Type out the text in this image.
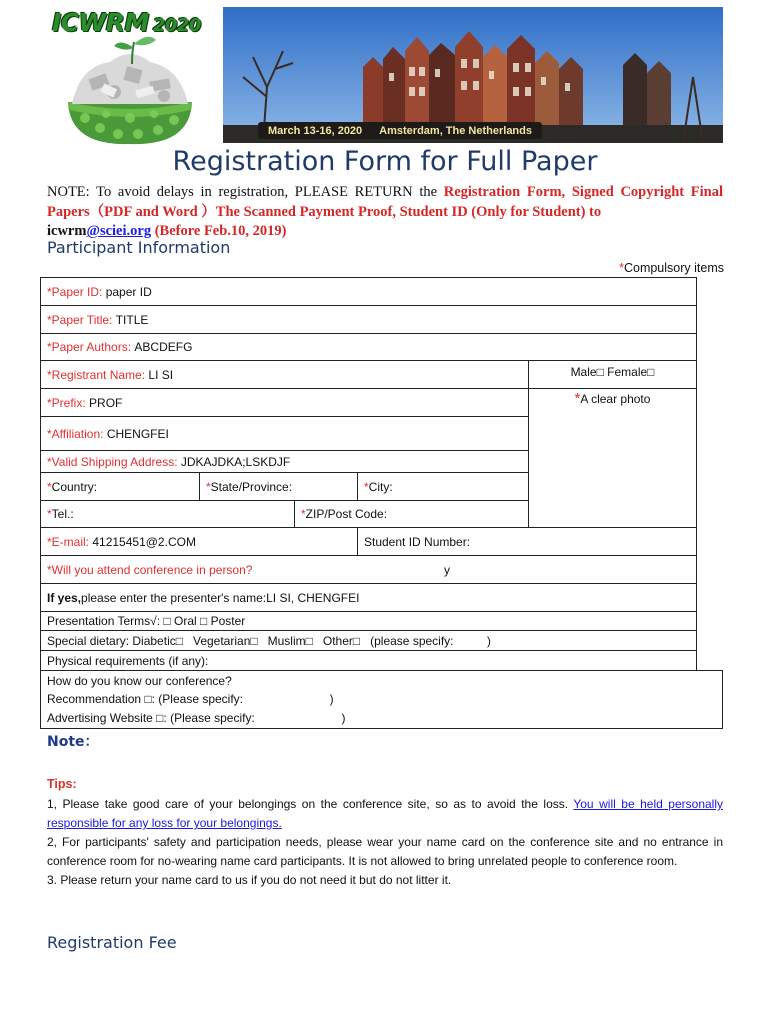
ICWRM 2020
March 13-16, 2020 Amsterdam, The Netherlands
Registration Form for Full Paper
NOTE: To avoid delays in registration, PLEASE RETURN the Registration Form, Signed Copyright Final Papers（PDF and Word ）The Scanned Payment Proof, Student ID (Only for Student) to
icwrm@sciei.org (Before Feb.10, 2019)
Participant Information
*Compulsory items
*Paper ID:
paper ID
*Paper Title:
TITLE
*Paper Authors:
ABCDEFG
*Registrant Name:
LI SI	Male□ Female□
*Prefix:
PROF	* A clear photo
*Affiliation:
CHENGFEI
*Valid Shipping Address:
JDKAJDKA;LSKDJF
* Country:	* State/Province:	* City:
* Tel.:	* ZIP/Post Code:
*E-mail:
41215451@2.COM	Student ID Number:
* Will you attend conference in person?	y
If yes, please enter the presenter's name: LI SI, CHENGFEI
Presentation Terms√: □ Oral □ Poster
Special dietary: Diabetic□   Vegetarian□   Muslim□   Other□   (please specify:          )
Physical requirements (if any):
How do you know our conference?
Recommendation □: (Please specify:                          )
Advertising Website □: (Please specify:                          )
Note：
Tips:
1, Please take good care of your belongings on the conference site, so as to avoid the loss. You will be held personally responsible for any loss for your belongings.
2, For participants' safety and participation needs, please wear your name card on the conference site and no entrance in conference room for no-wearing name card participants. It is not allowed to bring unrelated people to conference room.
3. Please return your name card to us if you do not need it but do not litter it.
Registration Fee
